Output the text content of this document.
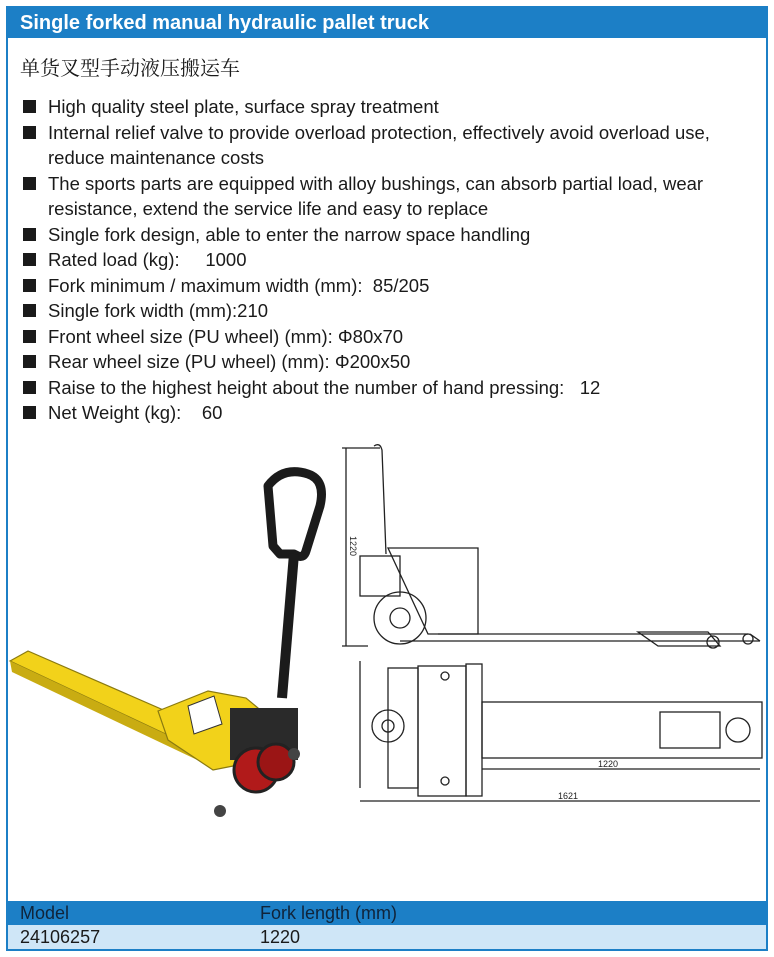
Single forked manual hydraulic pallet truck
单货叉型手动液压搬运车
High quality steel plate, surface spray treatment
Internal relief valve to provide overload protection, effectively avoid overload use, reduce maintenance costs
The sports parts are equipped with alloy bushings, can absorb partial load, wear resistance, extend the service life and easy to replace
Single fork design, able to enter the narrow space handling
Rated load (kg):     1000
Fork minimum / maximum width (mm):  85/205
Single fork width (mm):210
Front wheel size (PU wheel) (mm): Φ80x70
Rear wheel size (PU wheel) (mm): Φ200x50
Raise to the highest height about the number of hand pressing:   12
Net Weight (kg):    60
1220
1220
1621
Model	Fork length (mm)
24106257	1220
